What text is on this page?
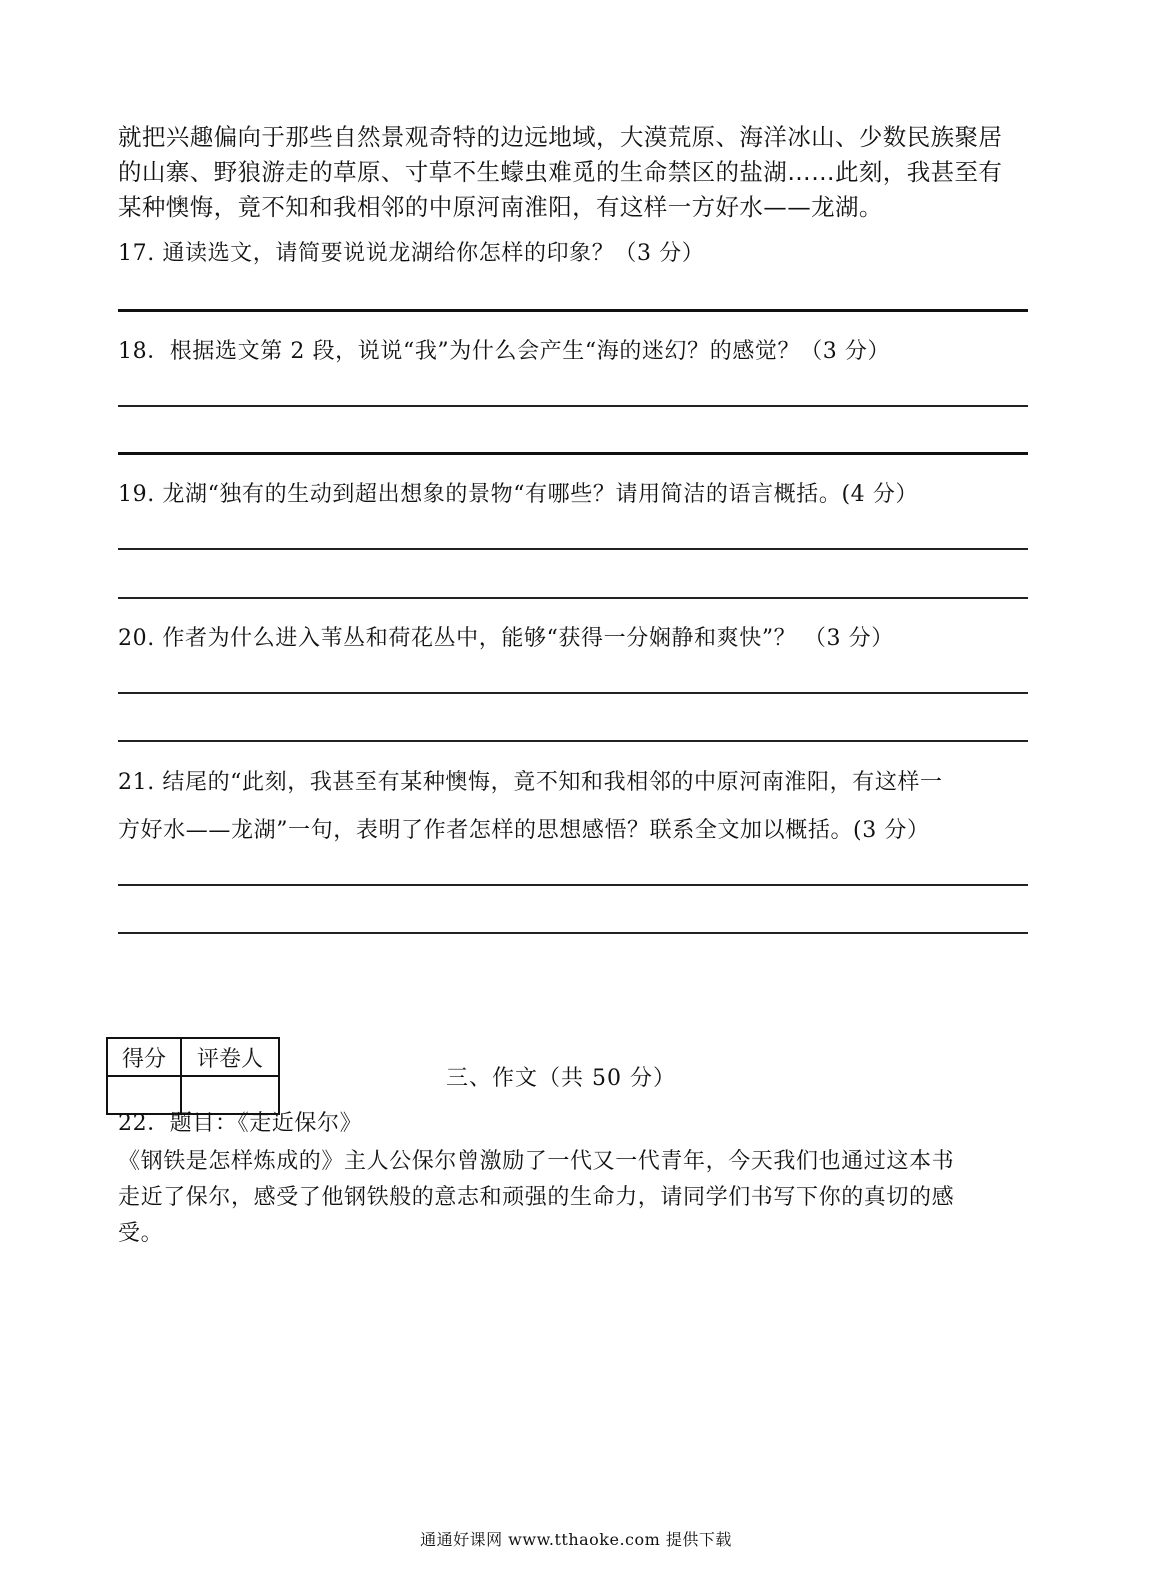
就把兴趣偏向于那些自然景观奇特的边远地域，大漠荒原、海洋冰山、少数民族聚居
的山寨、野狼游走的草原、寸草不生蠓虫难觅的生命禁区的盐湖……此刻，我甚至有
某种懊悔，竟不知和我相邻的中原河南淮阳，有这样一方好水——龙湖。
17. 通读选文，请简要说说龙湖给你怎样的印象？（3 分）
18．根据选文第 2 段，说说“我”为什么会产生“海的迷幻？的感觉？（3 分）
19. 龙湖“独有的生动到超出想象的景物“有哪些？请用简洁的语言概括。(4 分）
20. 作者为什么进入苇丛和荷花丛中，能够“获得一分娴静和爽快”？ （3 分）
21. 结尾的“此刻，我甚至有某种懊悔，竟不知和我相邻的中原河南淮阳，有这样一
方好水——龙湖”一句，表明了作者怎样的思想感悟？联系全文加以概括。(3 分）
得分	评卷人

三、作文（共 50 分）
22．题目：《走近保尔》
《钢铁是怎样炼成的》主人公保尔曾激励了一代又一代青年，今天我们也通过这本书
走近了保尔，感受了他钢铁般的意志和顽强的生命力，请同学们书写下你的真切的感
受。
通通好课网 www.tthaoke.com 提供下载
